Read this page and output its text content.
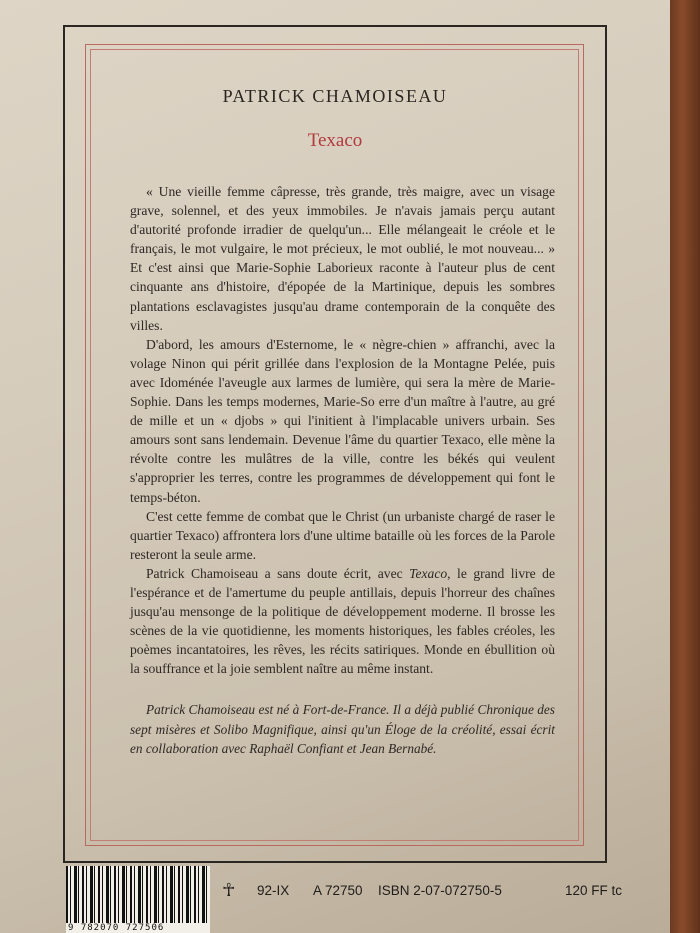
PATRICK CHAMOISEAU
Texaco

« Une vieille femme câpresse, très grande, très maigre, avec un visage grave, solennel, et des yeux immobiles. Je n'avais jamais perçu autant d'autorité profonde irradier de quelqu'un... Elle mélangeait le créole et le français, le mot vulgaire, le mot précieux, le mot oublié, le mot nouveau... » Et c'est ainsi que Marie-Sophie Laborieux raconte à l'auteur plus de cent cinquante ans d'histoire, d'épopée de la Martinique, depuis les sombres plantations esclavagistes jusqu'au drame contemporain de la conquête des villes.

D'abord, les amours d'Esternome, le « nègre-chien » affranchi, avec la volage Ninon qui périt grillée dans l'explosion de la Montagne Pelée, puis avec Idoménée l'aveugle aux larmes de lumière, qui sera la mère de Marie-Sophie. Dans les temps modernes, Marie-So erre d'un maître à l'autre, au gré de mille et un « djobs » qui l'initient à l'implacable univers urbain. Ses amours sont sans lendemain. Devenue l'âme du quartier Texaco, elle mène la révolte contre les mulâtres de la ville, contre les békés qui veulent s'approprier les terres, contre les programmes de développement qui font le temps-béton.

C'est cette femme de combat que le Christ (un urbaniste chargé de raser le quartier Texaco) affrontera lors d'une ultime bataille où les forces de la Parole resteront la seule arme.

Patrick Chamoiseau a sans doute écrit, avec Texaco, le grand livre de l'espérance et de l'amertume du peuple antillais, depuis l'horreur des chaînes jusqu'au mensonge de la politique de développement moderne. Il brosse les scènes de la vie quotidienne, les moments historiques, les fables créoles, les poèmes incantatoires, les rêves, les récits satiriques. Monde en ébullition où la souffrance et la joie semblent naître au même instant.

Patrick Chamoiseau est né à Fort-de-France. Il a déjà publié Chronique des sept misères et Solibo Magnifique, ainsi qu'un Éloge de la créolité, essai écrit en collaboration avec Raphaël Confiant et Jean Bernabé.

9 782070 727506
☥ 92-IX A 72750 ISBN 2-07-072750-5	120 FF tc
